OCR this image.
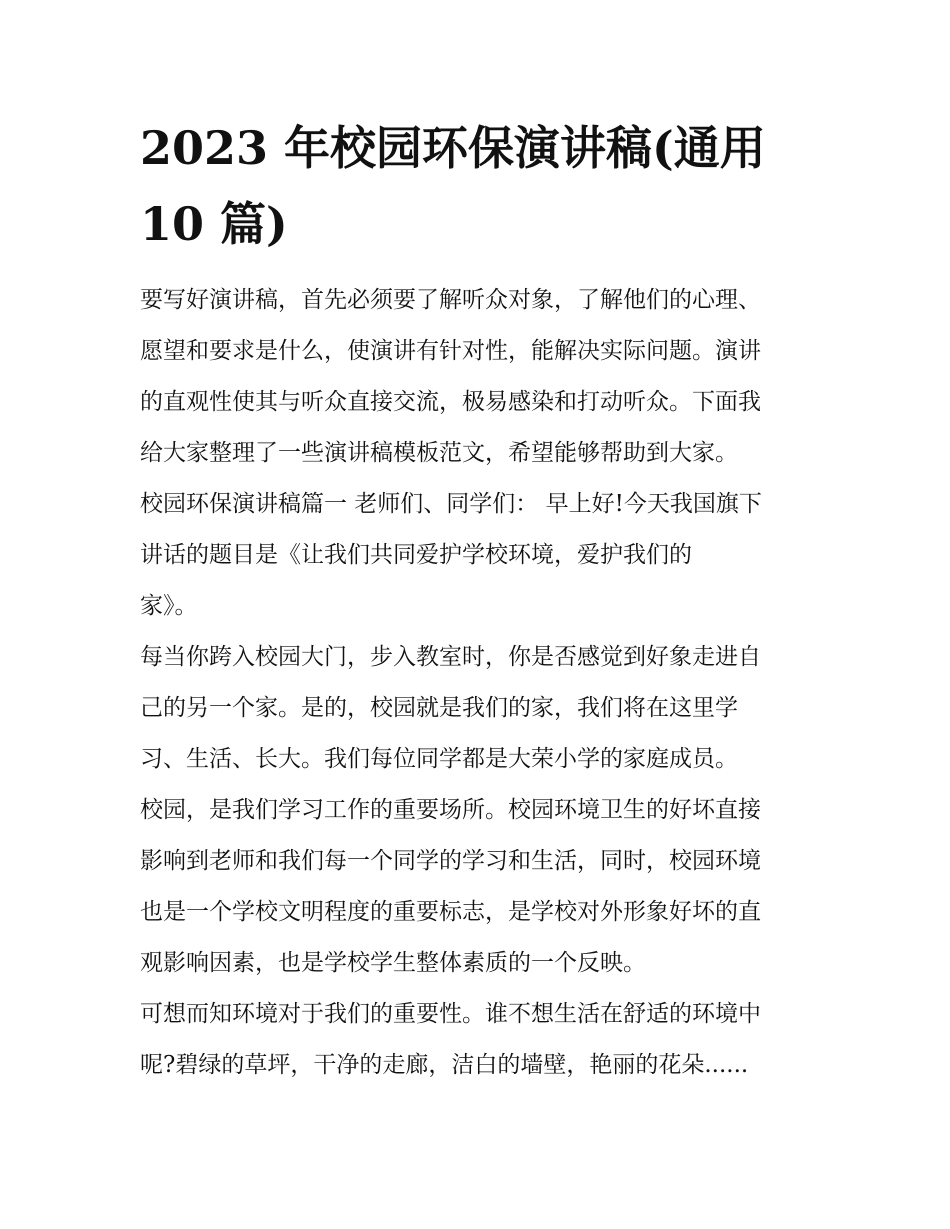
2023 年校园环保演讲稿(通用
10 篇)

要写好演讲稿，首先必须要了解听众对象，了解他们的心理、
愿望和要求是什么，使演讲有针对性，能解决实际问题。演讲
的直观性使其与听众直接交流，极易感染和打动听众。下面我
给大家整理了一些演讲稿模板范文，希望能够帮助到大家。

校园环保演讲稿篇一 老师们、同学们： 早上好!今天我国旗下
讲话的题目是《让我们共同爱护学校环境，爱护我们的
家》。

每当你跨入校园大门，步入教室时，你是否感觉到好象走进自
己的另一个家。是的，校园就是我们的家，我们将在这里学
习、生活、长大。我们每位同学都是大荣小学的家庭成员。

校园，是我们学习工作的重要场所。校园环境卫生的好坏直接
影响到老师和我们每一个同学的学习和生活，同时，校园环境
也是一个学校文明程度的重要标志，是学校对外形象好坏的直
观影响因素，也是学校学生整体素质的一个反映。

可想而知环境对于我们的重要性。谁不想生活在舒适的环境中
呢?碧绿的草坪，干净的走廊，洁白的墙壁，艳丽的花朵......
